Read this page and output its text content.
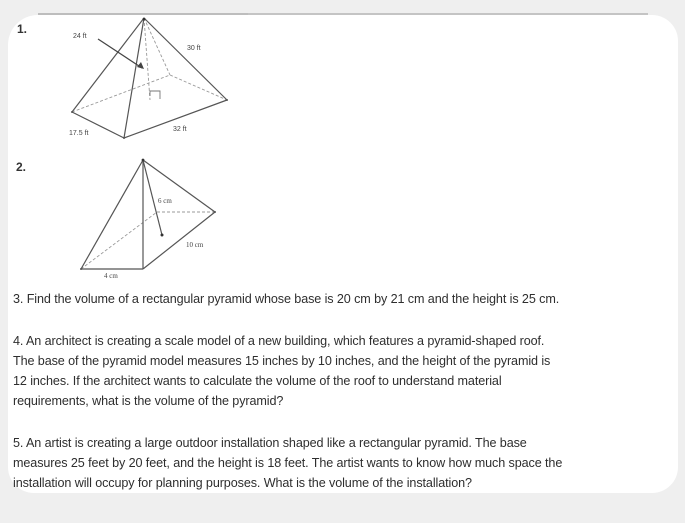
1.
24 ft
30 ft
17.5 ft
32 ft
2.
6 cm
10 cm
4 cm
3. Find the volume of a rectangular pyramid whose base is 20 cm by 21 cm and the height is 25 cm.
4. An architect is creating a scale model of a new building, which features a pyramid-shaped roof.
The base of the pyramid model measures 15 inches by 10 inches, and the height of the pyramid is
12 inches. If the architect wants to calculate the volume of the roof to understand material
requirements, what is the volume of the pyramid?
5. An artist is creating a large outdoor installation shaped like a rectangular pyramid. The base
measures 25 feet by 20 feet, and the height is 18 feet. The artist wants to know how much space the
installation will occupy for planning purposes. What is the volume of the installation?
